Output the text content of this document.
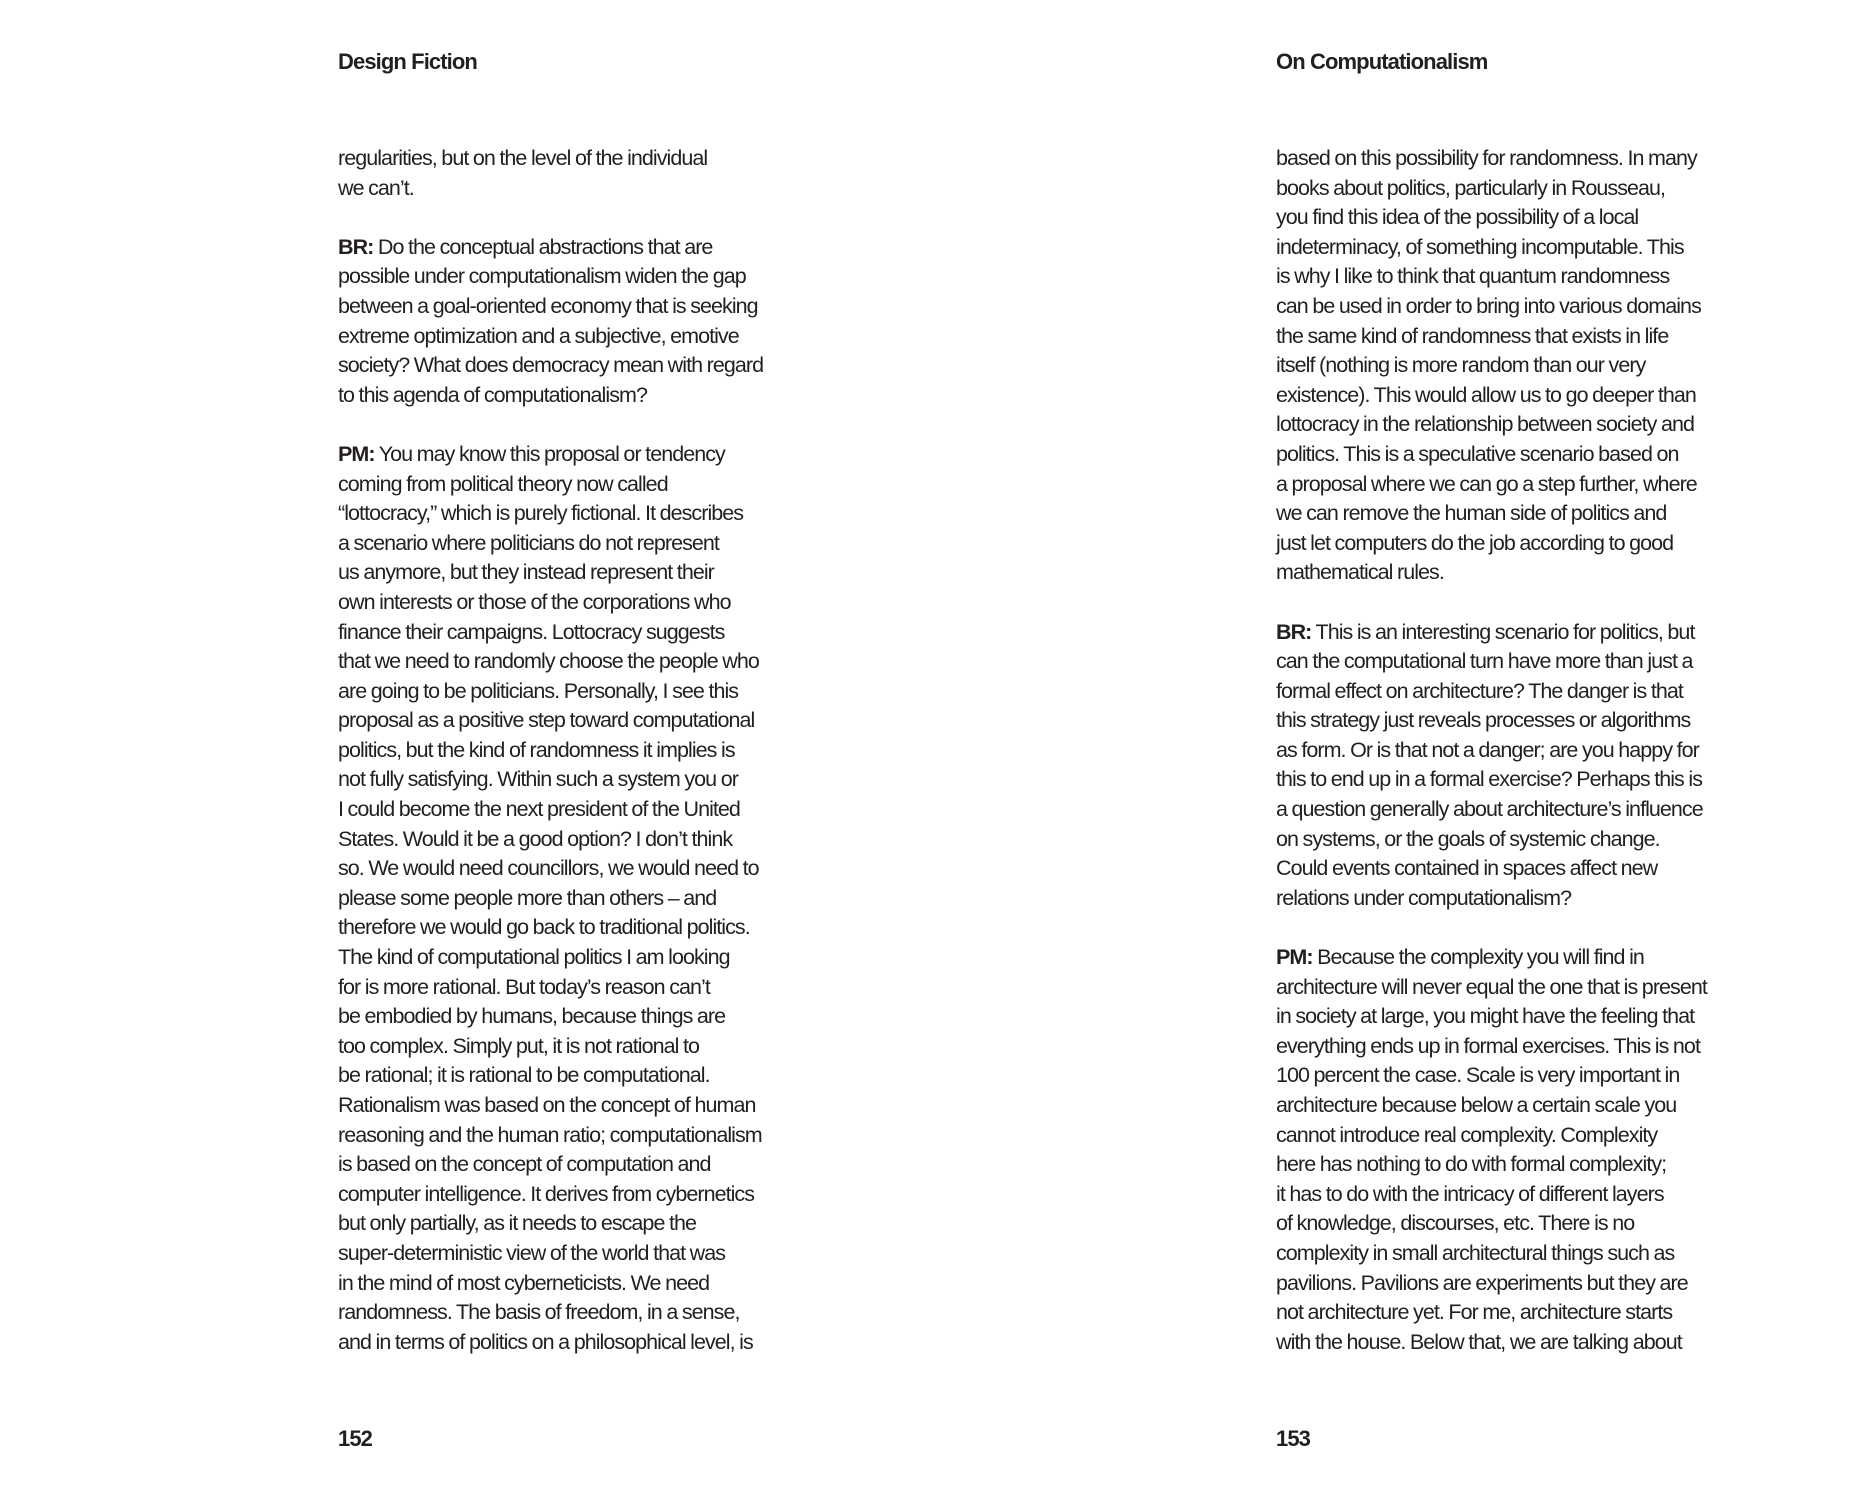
Design Fiction
regularities, but on the level of the individual
we can’t.
BR: Do the conceptual abstractions that are
possible under computationalism widen the gap
between a goal-oriented economy that is seeking
extreme optimization and a subjective, emotive
society? What does democracy mean with regard
to this agenda of computationalism?
PM: You may know this proposal or tendency
coming from political theory now called
“lottocracy,” which is purely fictional. It describes
a scenario where politicians do not represent
us anymore, but they instead represent their
own interests or those of the corporations who
finance their campaigns. Lottocracy suggests
that we need to randomly choose the people who
are going to be politicians. Personally, I see this
proposal as a positive step toward computational
politics, but the kind of randomness it implies is
not fully satisfying. Within such a system you or
I could become the next president of the United
States. Would it be a good option? I don’t think
so. We would need councillors, we would need to
please some people more than others – and
therefore we would go back to traditional politics.
The kind of computational politics I am looking
for is more rational. But today’s reason can’t
be embodied by humans, because things are
too complex. Simply put, it is not rational to
be rational; it is rational to be computational.
Rationalism was based on the concept of human
reasoning and the human ratio; computationalism
is based on the concept of computation and
computer intelligence. It derives from cybernetics
but only partially, as it needs to escape the
super-deterministic view of the world that was
in the mind of most cyberneticists. We need
randomness. The basis of freedom, in a sense,
and in terms of politics on a philosophical level, is
152
On Computationalism
based on this possibility for randomness. In many
books about politics, particularly in Rousseau,
you find this idea of the possibility of a local
indeterminacy, of something incomputable. This
is why I like to think that quantum randomness
can be used in order to bring into various domains
the same kind of randomness that exists in life
itself (nothing is more random than our very
existence). This would allow us to go deeper than
lottocracy in the relationship between society and
politics. This is a speculative scenario based on
a proposal where we can go a step further, where
we can remove the human side of politics and
just let computers do the job according to good
mathematical rules.
BR: This is an interesting scenario for politics, but
can the computational turn have more than just a
formal effect on architecture? The danger is that
this strategy just reveals processes or algorithms
as form. Or is that not a danger; are you happy for
this to end up in a formal exercise? Perhaps this is
a question generally about architecture’s influence
on systems, or the goals of systemic change.
Could events contained in spaces affect new
relations under computationalism?
PM: Because the complexity you will find in
architecture will never equal the one that is present
in society at large, you might have the feeling that
everything ends up in formal exercises. This is not
100 percent the case. Scale is very important in
architecture because below a certain scale you
cannot introduce real complexity. Complexity
here has nothing to do with formal complexity;
it has to do with the intricacy of different layers
of knowledge, discourses, etc. There is no
complexity in small architectural things such as
pavilions. Pavilions are experiments but they are
not architecture yet. For me, architecture starts
with the house. Below that, we are talking about
153
